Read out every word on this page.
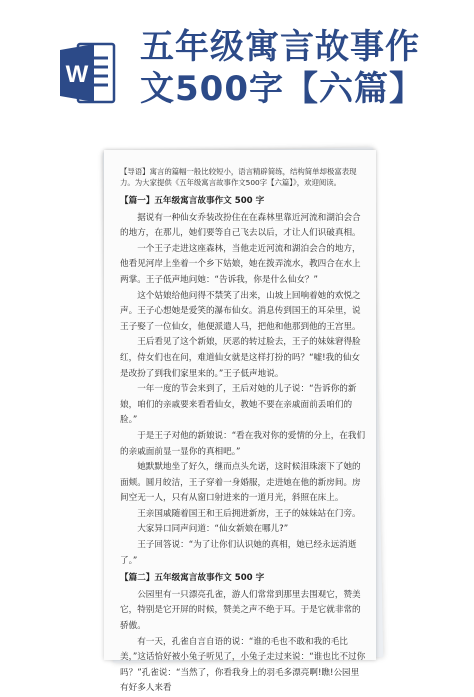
W
五年级寓言故事作
文500字【六篇】
【导语】寓言的篇幅一般比较短小，语言精辟简练，结构简单却极富表现力。为大家提供《五年级寓言故事作文500字【六篇】》，欢迎阅读。
【篇一】五年级寓言故事作文 500 字

据说有一种仙女乔装改扮住在在森林里靠近河流和湖泊会合的地方，在那儿，她们要等自己飞去以后，才让人们识破真相。

一个王子走进这座森林，当他走近河流和湖泊会合的地方，他看见河岸上坐着一个乡下姑娘，她在拨弄流水，教四合在水上两掌。王子低声地问她：“告诉我，你是什么仙女？”

这个姑娘给他问得不禁笑了出来，山坡上回响着她的欢悦之声。王子心想她是爱笑的瀑布仙女。消息传到国王的耳朵里，说王子娶了一位仙女，他便派遣人马，把他和他那到他的王宫里。

王后看见了这个新娘，厌恶的转过脸去，王子的妹妹窘得脸红，侍女们也在问，难道仙女就是这样打扮的吗？“嘘!我的仙女是改扮了到我们家里来的。”王子低声地说。

一年一度的节会来到了，王后对她的儿子说：“告诉你的新娘，咱们的亲戚要来看看仙女，教她不要在亲戚面前丢咱们的脸。”

于是王子对他的新娘说：“看在我对你的爱情的分上，在我们的亲戚面前显一显你的真相吧。”

她默默地坐了好久，继而点头允诺，这时候泪珠滚下了她的面颊。圆月皎洁，王子穿着一身婚服，走进她在他的新房间。房间空无一人，只有从窗口射进来的一道月光，斜照在床上。

王亲国戚随着国王和王后拥进新房，王子的妹妹站在门旁。

大家异口同声问道：“仙女新娘在哪儿?”

王子回答说：“为了让你们认识她的真相，她已经永远消逝了。”

【篇二】五年级寓言故事作文 500 字

公园里有一只漂亮孔雀，游人们常常到那里去围观它，赞美它，特别是它开屏的时候，赞美之声不绝于耳。于是它就非常的骄傲。

有一天，孔雀自言自语的说：“谁的毛也不敢和我的毛比美，”这话恰好被小兔子听见了，小兔子走过来说：“谁也比不过你吗？”孔雀说：“当然了，你看我身上的羽毛多漂亮啊!瞧!公园里有好多人来看
